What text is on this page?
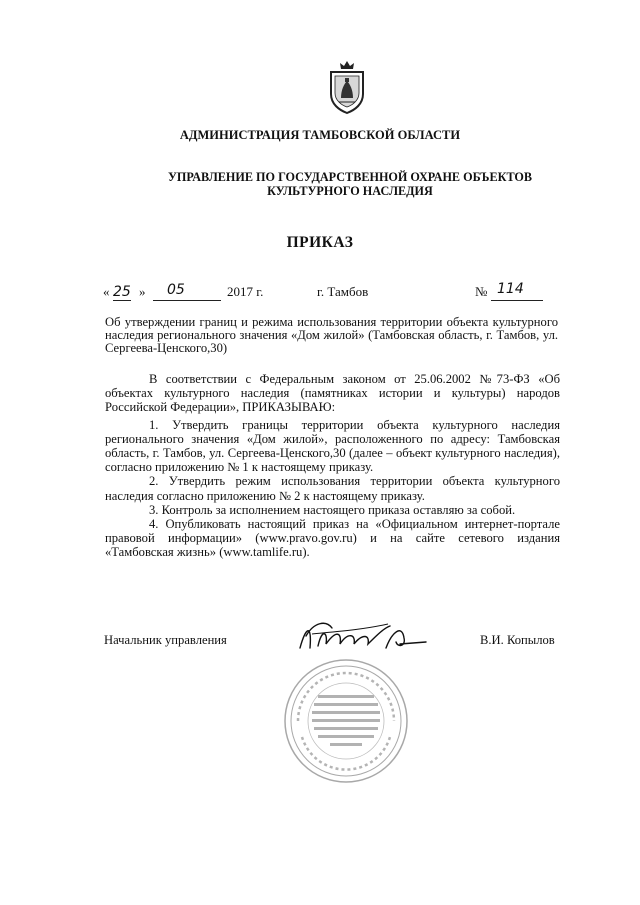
АДМИНИСТРАЦИЯ ТАМБОВСКОЙ ОБЛАСТИ
УПРАВЛЕНИЕ ПО ГОСУДАРСТВЕННОЙ ОХРАНЕ ОБЪЕКТОВ
КУЛЬТУРНОГО НАСЛЕДИЯ
ПРИКАЗ
« 25 »
05	2017 г.	г. Тамбов	№
114
Об утверждении границ и режима использования территории объекта культурного наследия регионального значения «Дом жилой» (Тамбовская область, г. Тамбов, ул. Сергеева-Ценского,30)

В соответствии с Федеральным законом от 25.06.2002 №73-ФЗ «Об объектах культурного наследия (памятниках истории и культуры) народов Российской Федерации», ПРИКАЗЫВАЮ:

1. Утвердить границы территории объекта культурного наследия регионального значения «Дом жилой», расположенного по адресу: Тамбовская область, г. Тамбов, ул. Сергеева-Ценского,30 (далее – объект культурного наследия), согласно приложению № 1 к настоящему приказу.

2. Утвердить режим использования территории объекта культурного наследия согласно приложению № 2 к настоящему приказу.

3. Контроль за исполнением настоящего приказа оставляю за собой.

4. Опубликовать настоящий приказ на «Официальном интернет-портале правовой информации» (www.pravo.gov.ru) и на сайте сетевого издания «Тамбовская жизнь» (www.tamlife.ru).

Начальник управления	В.И. Копылов
